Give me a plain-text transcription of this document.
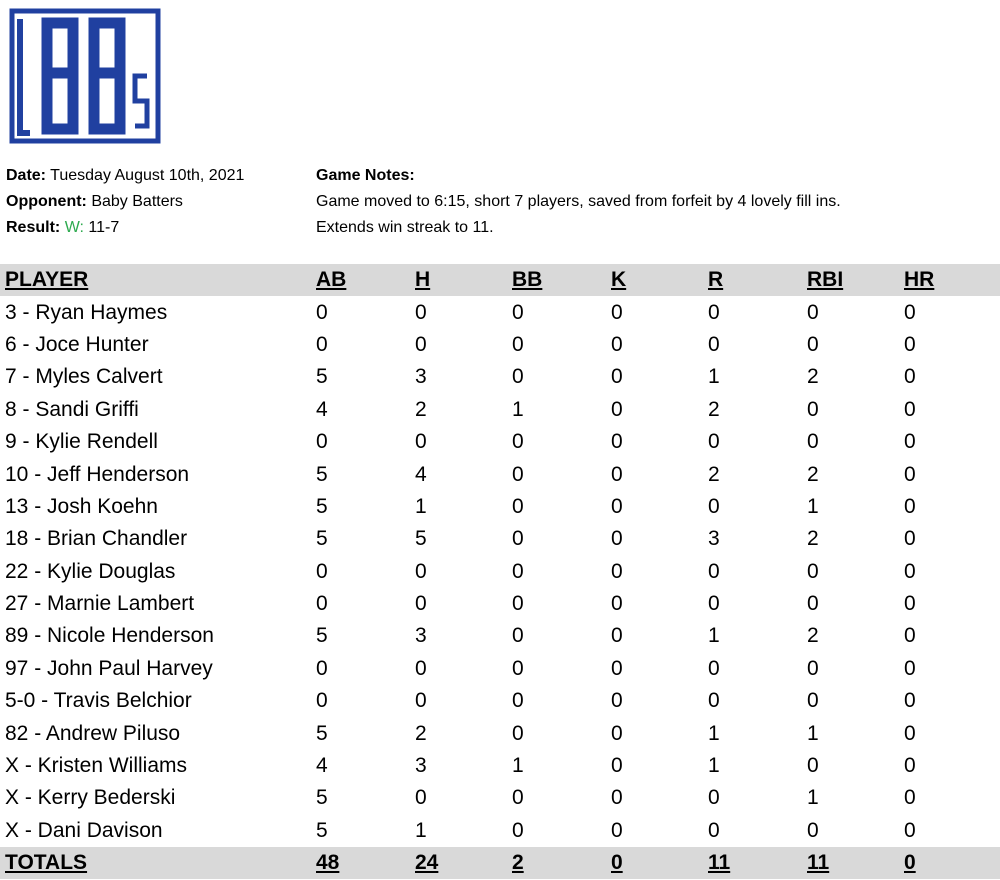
Date: Tuesday August 10th, 2021
Opponent: Baby Batters
Result: W: 11-7
Game Notes:
Game moved to 6:15, short 7 players, saved from forfeit by 4 lovely fill ins.
Extends win streak to 11.
PLAYER	AB	H	BB	K	R	RBI	HR
3 - Ryan Haymes	0	0	0	0	0	0	0
6 - Joce Hunter	0	0	0	0	0	0	0
7 - Myles Calvert	5	3	0	0	1	2	0
8 - Sandi Griffi	4	2	1	0	2	0	0
9 - Kylie Rendell	0	0	0	0	0	0	0
10 - Jeff Henderson	5	4	0	0	2	2	0
13 - Josh Koehn	5	1	0	0	0	1	0
18 - Brian Chandler	5	5	0	0	3	2	0
22 - Kylie Douglas	0	0	0	0	0	0	0
27 - Marnie Lambert	0	0	0	0	0	0	0
89 - Nicole Henderson	5	3	0	0	1	2	0
97 - John Paul Harvey	0	0	0	0	0	0	0
5-0 - Travis Belchior	0	0	0	0	0	0	0
82 - Andrew Piluso	5	2	0	0	1	1	0
X - Kristen Williams	4	3	1	0	1	0	0
X - Kerry Bederski	5	0	0	0	0	1	0
X - Dani Davison	5	1	0	0	0	0	0
TOTALS	48	24	2	0	11	11	0
